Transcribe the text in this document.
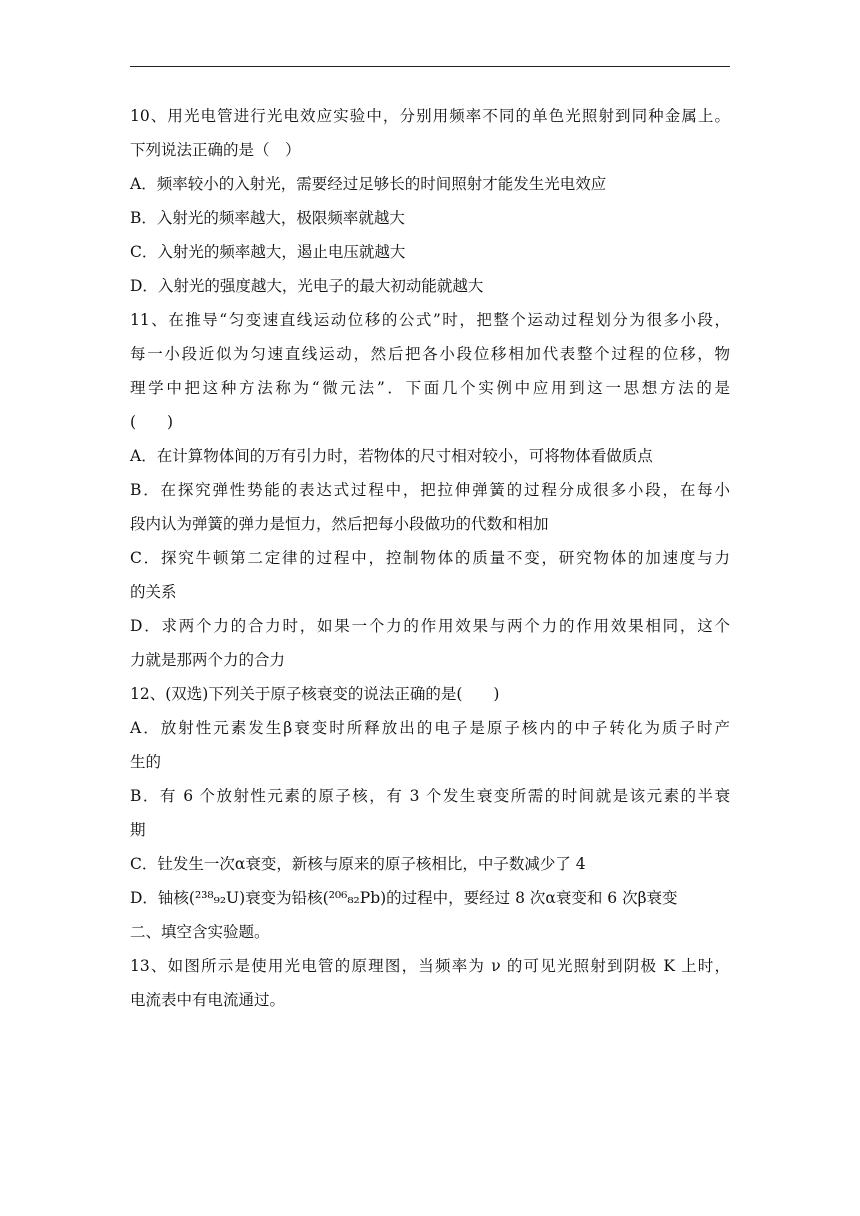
10、用光电管进行光电效应实验中，分别用频率不同的单色光照射到同种金属上。
下列说法正确的是（　）
A．频率较小的入射光，需要经过足够长的时间照射才能发生光电效应
B．入射光的频率越大，极限频率就越大
C．入射光的频率越大，遏止电压就越大
D．入射光的强度越大，光电子的最大初动能就越大
11、在推导“匀变速直线运动位移的公式”时，把整个运动过程划分为很多小段，
每一小段近似为匀速直线运动，然后把各小段位移相加代表整个过程的位移，物
理学中把这种方法称为“微元法”．下面几个实例中应用到这一思想方法的是
(　　)
A．在计算物体间的万有引力时，若物体的尺寸相对较小，可将物体看做质点
B．在探究弹性势能的表达式过程中，把拉伸弹簧的过程分成很多小段，在每小
段内认为弹簧的弹力是恒力，然后把每小段做功的代数和相加
C．探究牛顿第二定律的过程中，控制物体的质量不变，研究物体的加速度与力
的关系
D．求两个力的合力时，如果一个力的作用效果与两个力的作用效果相同，这个
力就是那两个力的合力
12、(双选)下列关于原子核衰变的说法正确的是(　　)
A．放射性元素发生β衰变时所释放出的电子是原子核内的中子转化为质子时产
生的
B．有 6 个放射性元素的原子核，有 3 个发生衰变所需的时间就是该元素的半衰
期
C．钍发生一次α衰变，新核与原来的原子核相比，中子数减少了 4
D．铀核(²³⁸₉₂U)衰变为铅核(²⁰⁶₈₂Pb)的过程中，要经过 8 次α衰变和 6 次β衰变
二、填空含实验题。
13、如图所示是使用光电管的原理图，当频率为 ν 的可见光照射到阴极 K 上时，
电流表中有电流通过。
